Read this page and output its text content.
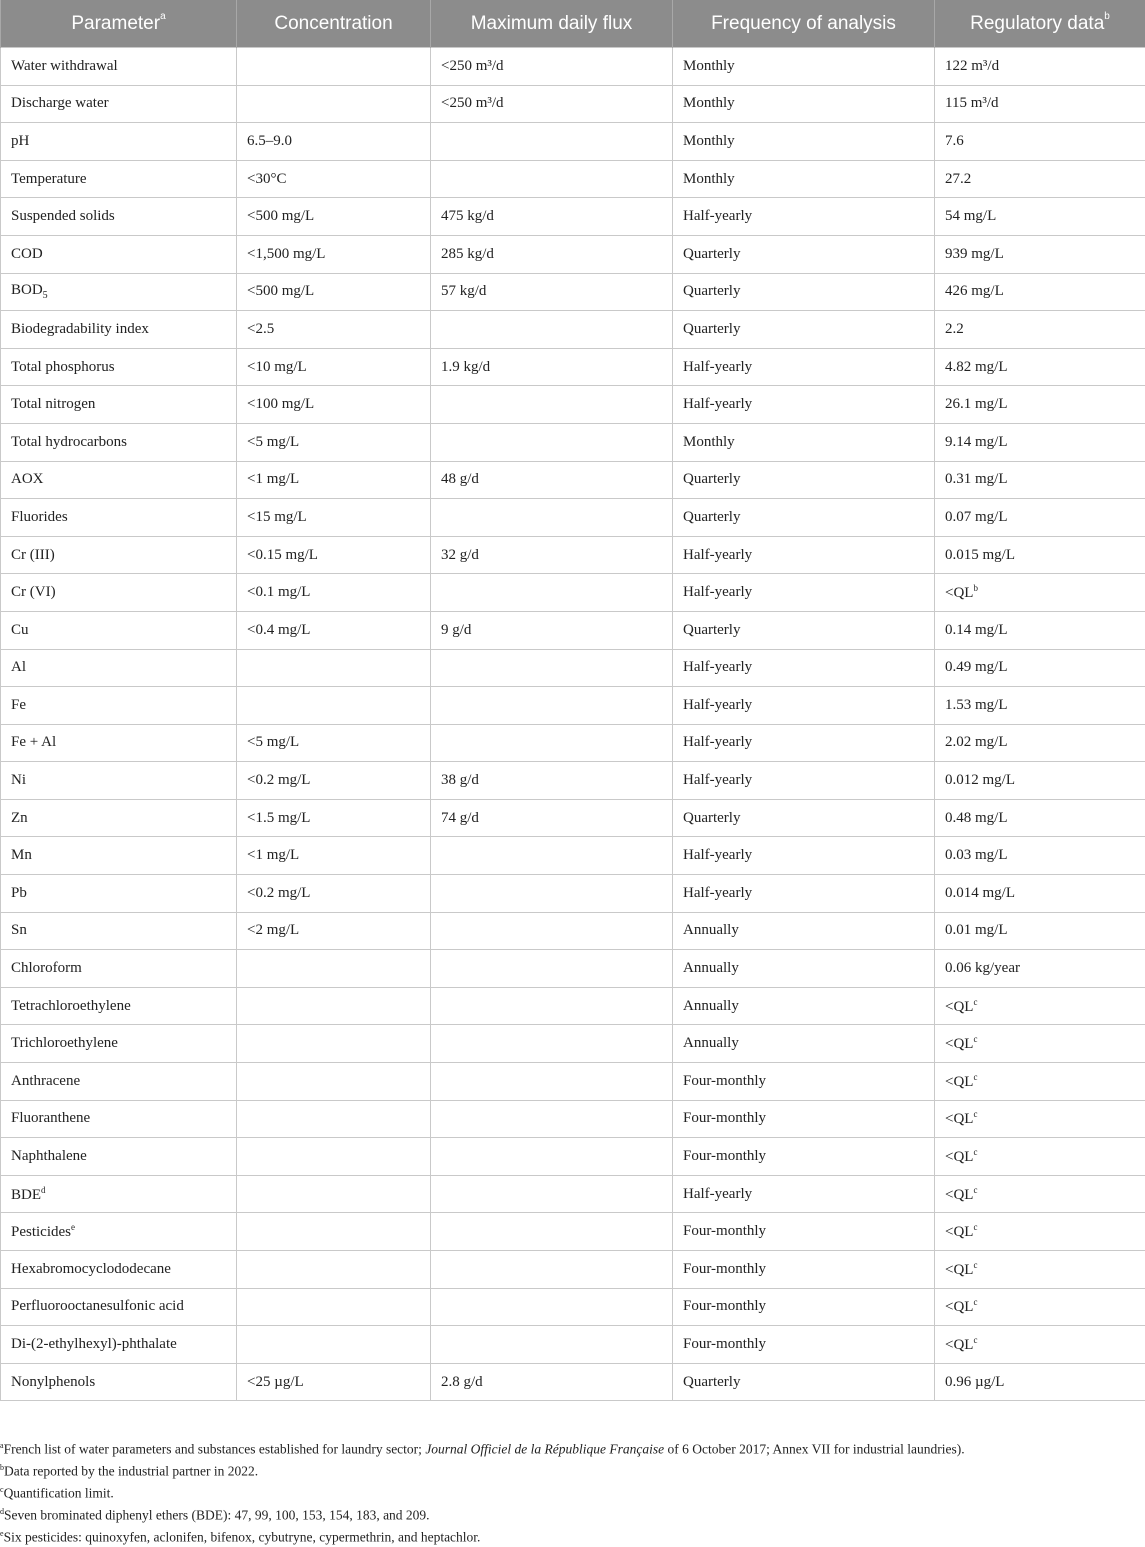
Parameter$^a$	Concentration	Maximum daily flux	Frequency of analysis	Regulatory data$^b$
Water withdrawal		<250 m³/d	Monthly	122 m³/d
Discharge water		<250 m³/d	Monthly	115 m³/d
pH	6.5–9.0		Monthly	7.6
Temperature	<30°C		Monthly	27.2
Suspended solids	<500 mg/L	475 kg/d	Half-yearly	54 mg/L
COD	<1,500 mg/L	285 kg/d	Quarterly	939 mg/L
$BOD_5$	<500 mg/L	57 kg/d	Quarterly	426 mg/L
Biodegradability index	<2.5		Quarterly	2.2
Total phosphorus	<10 mg/L	1.9 kg/d	Half-yearly	4.82 mg/L
Total nitrogen	<100 mg/L		Half-yearly	26.1 mg/L
Total hydrocarbons	<5 mg/L		Monthly	9.14 mg/L
AOX	<1 mg/L	48 g/d	Quarterly	0.31 mg/L
Fluorides	<15 mg/L		Quarterly	0.07 mg/L
Cr (III)	<0.15 mg/L	32 g/d	Half-yearly	0.015 mg/L
Cr (VI)	<0.1 mg/L		Half-yearly	$<QL^b$
Cu	<0.4 mg/L	9 g/d	Quarterly	0.14 mg/L
Al			Half-yearly	0.49 mg/L
Fe			Half-yearly	1.53 mg/L
Fe + Al	<5 mg/L		Half-yearly	2.02 mg/L
Ni	<0.2 mg/L	38 g/d	Half-yearly	0.012 mg/L
Zn	<1.5 mg/L	74 g/d	Quarterly	0.48 mg/L
Mn	<1 mg/L		Half-yearly	0.03 mg/L
Pb	<0.2 mg/L		Half-yearly	0.014 mg/L
Sn	<2 mg/L		Annually	0.01 mg/L
Chloroform			Annually	0.06 kg/year
Tetrachloroethylene			Annually	$<QL^c$
Trichloroethylene			Annually	$<QL^c$
Anthracene			Four-monthly	$<QL^c$
Fluoranthene			Four-monthly	$<QL^c$
Naphthalene			Four-monthly	$<QL^c$
BDE$^d$			Half-yearly	$<QL^c$
Pesticides$^e$			Four-monthly	$<QL^c$
Hexabromocyclododecane			Four-monthly	$<QL^c$
Perfluorooctanesulfonic acid			Four-monthly	$<QL^c$
Di-(2-ethylhexyl)-phthalate			Four-monthly	$<QL^c$
Nonylphenols	<25 µg/L	2.8 g/d	Quarterly	0.96 µg/L
$^a$French list of water parameters and substances established for laundry sector; Journal Officiel de la République Française of 6 October 2017; Annex VII for industrial laundries).
$^b$Data reported by the industrial partner in 2022.
$^c$Quantification limit.
$^d$Seven brominated diphenyl ethers (BDE): 47, 99, 100, 153, 154, 183, and 209.
$^e$Six pesticides: quinoxyfen, aclonifen, bifenox, cybutryne, cypermethrin, and heptachlor.
